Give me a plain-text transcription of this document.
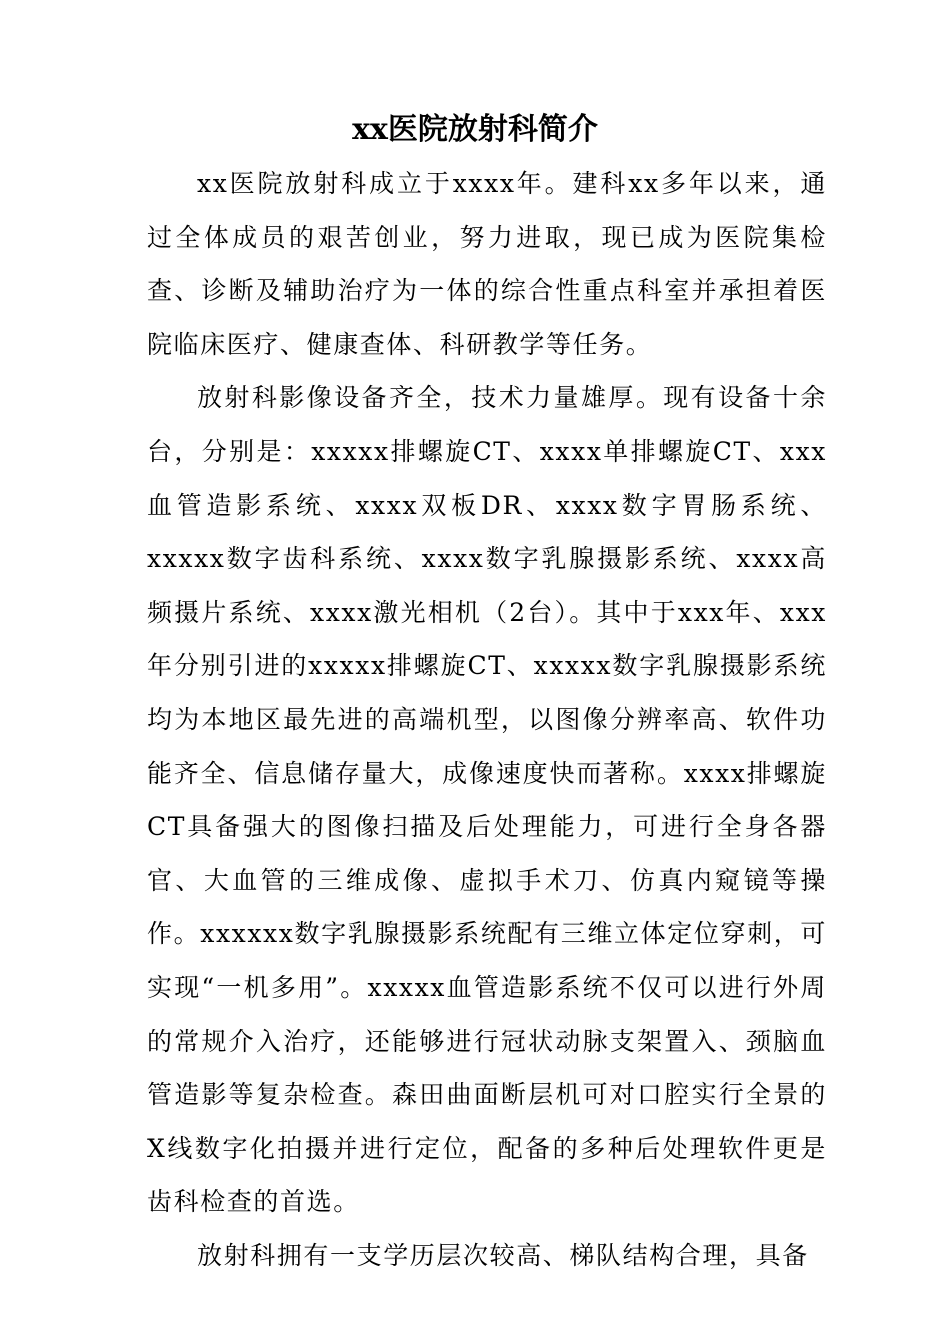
xx医院放射科简介

xx医院放射科成立于xxxx年。建科xx多年以来，通过全体成员的艰苦创业，努力进取，现已成为医院集检查、诊断及辅助治疗为一体的综合性重点科室并承担着医院临床医疗、健康查体、科研教学等任务。

放射科影像设备齐全，技术力量雄厚。现有设备十余台，分别是：xxxxx排螺旋CT、xxxx单排螺旋CT、xxx血管造影系统、xxxx双板DR、xxxx数字胃肠系统、xxxxx数字齿科系统、xxxx数字乳腺摄影系统、xxxx高频摄片系统、xxxx激光相机（2台）。其中于xxx年、xxx年分别引进的xxxxx排螺旋CT、xxxxx数字乳腺摄影系统均为本地区最先进的高端机型，以图像分辨率高、软件功能齐全、信息储存量大，成像速度快而著称。xxxx排螺旋CT具备强大的图像扫描及后处理能力，可进行全身各器官、大血管的三维成像、虚拟手术刀、仿真内窥镜等操作。xxxxxx数字乳腺摄影系统配有三维立体定位穿刺，可实现“一机多用”。xxxxx血管造影系统不仅可以进行外周的常规介入治疗，还能够进行冠状动脉支架置入、颈脑血管造影等复杂检查。森田曲面断层机可对口腔实行全景的X线数字化拍摄并进行定位，配备的多种后处理软件更是齿科检查的首选。

放射科拥有一支学历层次较高、梯队结构合理，具备
